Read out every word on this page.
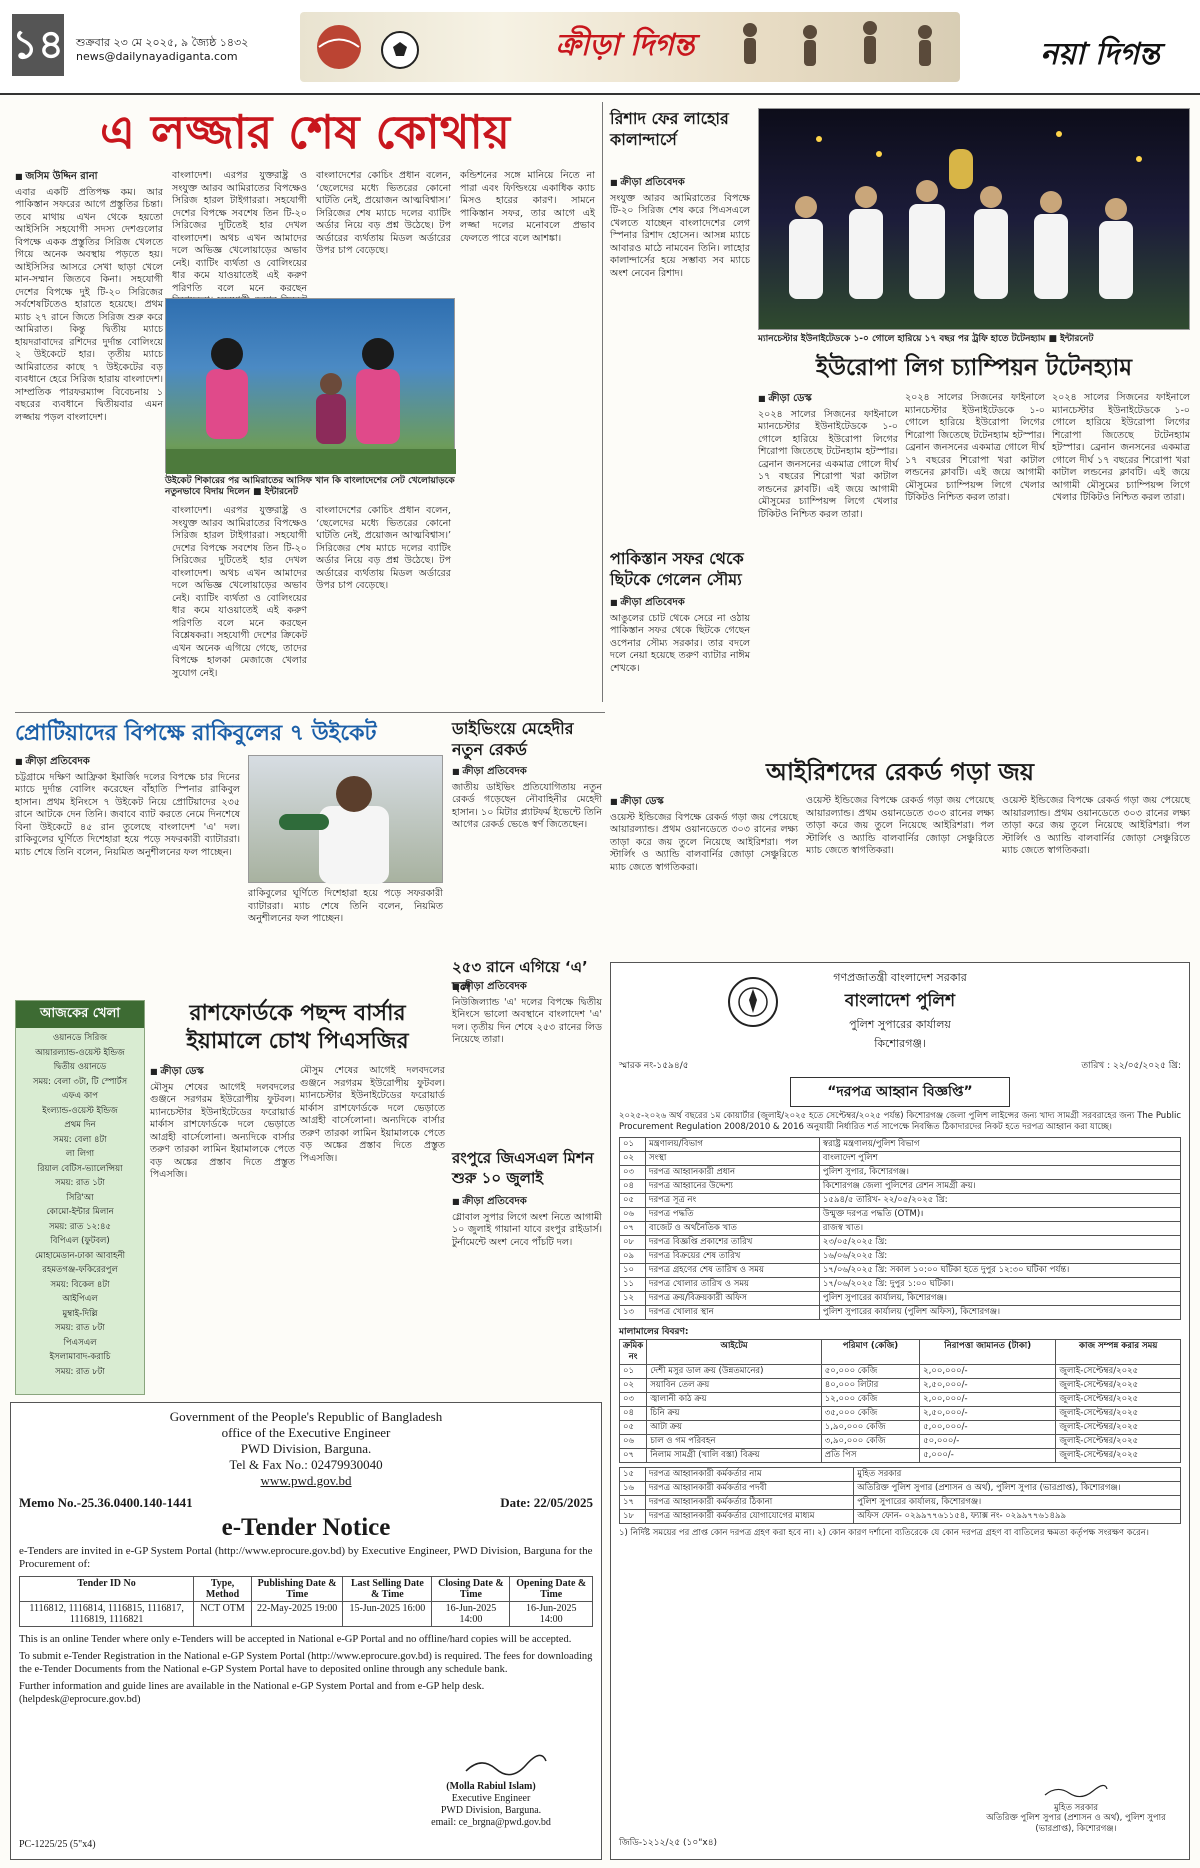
১৪ শুক্রবার ২৩ মে ২০২৫, ৯ জ্যৈষ্ঠ ১৪৩২
news@dailynayadiganta.com	ক্রীড়া দিগন্ত	নয়া দিগন্ত
এ লজ্জার শেষ কোথায়
■ জসিম উদ্দিন রানা
এবার একটি প্রতিপক্ষ কম। আর পাকিস্তান সফরের আগে প্রস্তুতির চিন্তা। তবে মাথায় এখন থেকে হয়তো আইসিসি সহযোগী সদস্য দেশগুলোর বিপক্ষে একক প্রস্তুতির সিরিজ খেলতে গিয়ে অনেক অবস্থায় পড়তে হয়। আইসিসির আসরে সেখা ছাড়া খেলে মান-সম্মান জিতবে কিনা। সহযোগী দেশের বিপক্ষে দুই টি-২০ সিরিজের সর্বশেষটিতেও হারাতে হয়েছে। প্রথম ম্যাচ ২৭ রানে জিতে সিরিজ শুরু করে আমিরাত। কিন্তু দ্বিতীয় ম্যাচে হায়দরাবাদের রশিদের দুর্দান্ত বোলিংয়ে ২ উইকেটে হার। তৃতীয় ম্যাচে আমিরাতের কাছে ৭ উইকেটের বড় ব্যবধানে হেরে সিরিজ হারায় বাংলাদেশ। সাম্প্রতিক পারফরম্যান্স বিবেচনায় ১ বছরের ব্যবধানে দ্বিতীয়বার এমন লজ্জায় পড়ল বাংলাদেশ।
বাংলাদেশ। এরপর যুক্তরাষ্ট্র ও সংযুক্ত আরব আমিরাতের বিপক্ষেও সিরিজ হারল টাইগাররা। সহযোগী দেশের বিপক্ষে সবশেষ তিন টি-২০ সিরিজের দুটিতেই হার দেখল বাংলাদেশ। অথচ এখন আমাদের দলে অভিজ্ঞ খেলোয়াড়ের অভাব নেই। ব্যাটিং ব্যর্থতা ও বোলিংয়ের ধার কমে যাওয়াতেই এই করুণ পরিণতি বলে মনে করছেন
বাংলাদেশের কোচিং প্রধান বলেন, ‘ছেলেদের মধ্যে ভিতরের কোনো ঘাটতি নেই, প্রয়োজন আত্মবিশ্বাস।’ সিরিজের শেষ ম্যাচে দলের ব্যাটিং অর্ডার নিয়ে বড় প্রশ্ন উঠেছে। টপ অর্ডারের ব্যর্থতায় মিডল অর্ডারের উপর চাপ বেড়েছে।
কন্ডিশনের সঙ্গে মানিয়ে নিতে না পারা এবং ফিল্ডিংয়ে একাধিক ক্যাচ মিসও হারের কারণ। সামনে পাকিস্তান সফর, তার আগে এই লজ্জা দলের মনোবলে প্রভাব ফেলতে পারে বলে আশঙ্কা।
উইকেট শিকারের পর আমিরাতের আসিফ খান কি বাংলাদেশের সেট খেলোয়াড়কে নতুনভাবে বিদায় দিলেন ■ ইন্টারনেট
বাংলাদেশ। এরপর যুক্তরাষ্ট্র ও সংযুক্ত আরব আমিরাতের বিপক্ষেও সিরিজ হারল টাইগাররা। সহযোগী দেশের বিপক্ষে সবশেষ তিন টি-২০ সিরিজের দুটিতেই হার দেখল বাংলাদেশ। অথচ এখন আমাদের দলে অভিজ্ঞ খেলোয়াড়ের অভাব নেই। ব্যাটিং ব্যর্থতা ও বোলিংয়ের ধার কমে যাওয়াতেই এই করুণ পরিণতি বলে মনে করছেন বিশ্লেষকরা। সহযোগী দেশের ক্রিকেট এখন অনেক এগিয়ে গেছে, তাদের বিপক্ষে হালকা মেজাজে খেলার সুযোগ নেই।
বাংলাদেশের কোচিং প্রধান বলেন, ‘ছেলেদের মধ্যে ভিতরের কোনো ঘাটতি নেই, প্রয়োজন আত্মবিশ্বাস।’ সিরিজের শেষ ম্যাচে দলের ব্যাটিং অর্ডার নিয়ে বড় প্রশ্ন উঠেছে। টপ অর্ডারের ব্যর্থতায় মিডল অর্ডারের উপর চাপ বেড়েছে।
রিশাদ ফের লাহোর কালান্দার্সে
■ ক্রীড়া প্রতিবেদক
সংযুক্ত আরব আমিরাতের বিপক্ষে টি-২০ সিরিজ শেষ করে পিএসএলে খেলতে যাচ্ছেন বাংলাদেশের লেগ স্পিনার রিশাদ হোসেন। আসন্ন ম্যাচে আবারও মাঠে নামবেন তিনি। লাহোর কালান্দার্সের হয়ে সম্ভাব্য সব ম্যাচে অংশ নেবেন রিশাদ।
পাকিস্তান সফর থেকে ছিটকে গেলেন সৌম্য
■ ক্রীড়া প্রতিবেদক
আঙুলের চোট থেকে সেরে না ওঠায় পাকিস্তান সফর থেকে ছিটকে গেছেন ওপেনার সৌম্য সরকার। তার বদলে দলে নেয়া হয়েছে তরুণ ব্যাটার নাঈম শেখকে।
ম্যানচেস্টার ইউনাইটেডকে ১-০ গোলে হারিয়ে ১৭ বছর পর ট্রফি হাতে টটেনহ্যাম ■ ইন্টারনেট
ইউরোপা লিগ চ্যাম্পিয়ন টটেনহ্যাম
■ ক্রীড়া ডেস্ক
২০২৪ সালের সিজনের ফাইনালে ম্যানচেস্টার ইউনাইটেডকে ১-০ গোলে হারিয়ে ইউরোপা লিগের শিরোপা জিতেছে টটেনহ্যাম হটস্পার। ব্রেনান জনসনের একমাত্র গোলে দীর্ঘ ১৭ বছরের শিরোপা খরা কাটাল লন্ডনের ক্লাবটি। এই জয়ে আগামী মৌসুমের চ্যাম্পিয়ন্স লিগে খেলার টিকিটও নিশ্চিত করল তারা।
২০২৪ সালের সিজনের ফাইনালে ম্যানচেস্টার ইউনাইটেডকে ১-০ গোলে হারিয়ে ইউরোপা লিগের শিরোপা জিতেছে টটেনহ্যাম হটস্পার। ব্রেনান জনসনের একমাত্র গোলে দীর্ঘ ১৭ বছরের শিরোপা খরা কাটাল লন্ডনের ক্লাবটি। এই জয়ে আগামী মৌসুমের চ্যাম্পিয়ন্স লিগে খেলার টিকিটও নিশ্চিত করল তারা।
২০২৪ সালের সিজনের ফাইনালে ম্যানচেস্টার ইউনাইটেডকে ১-০ গোলে হারিয়ে ইউরোপা লিগের শিরোপা জিতেছে টটেনহ্যাম হটস্পার। ব্রেনান জনসনের একমাত্র গোলে দীর্ঘ ১৭ বছরের শিরোপা খরা কাটাল লন্ডনের ক্লাবটি। এই জয়ে আগামী মৌসুমের চ্যাম্পিয়ন্স লিগে খেলার টিকিটও নিশ্চিত করল তারা।
প্রোটিয়াদের বিপক্ষে রাকিবুলের ৭ উইকেট
■ ক্রীড়া প্রতিবেদক
চট্টগ্রামে দক্ষিণ আফ্রিকা ইমার্জিং দলের বিপক্ষে চার দিনের ম্যাচে দুর্দান্ত বোলিং করেছেন বাঁহাতি স্পিনার রাকিবুল হাসান। প্রথম ইনিংসে ৭ উইকেট নিয়ে প্রোটিয়াদের ২৩৫ রানে আটকে দেন তিনি। জবাবে ব্যাট করতে নেমে দিনশেষে বিনা উইকেটে ৪৫ রান তুলেছে বাংলাদেশ 'এ' দল। রাকিবুলের ঘূর্ণিতে দিশেহারা হয়ে পড়ে সফরকারী ব্যাটাররা। ম্যাচ শেষে তিনি বলেন, নিয়মিত অনুশীলনের ফল পাচ্ছেন।
রাকিবুলের ঘূর্ণিতে দিশেহারা হয়ে পড়ে সফরকারী ব্যাটাররা। ম্যাচ শেষে তিনি বলেন, নিয়মিত অনুশীলনের ফল পাচ্ছেন।
ডাইভিংয়ে মেহেদীর নতুন রেকর্ড
■ ক্রীড়া প্রতিবেদক
জাতীয় ডাইভিং প্রতিযোগিতায় নতুন রেকর্ড গড়েছেন নৌবাহিনীর মেহেদী হাসান। ১০ মিটার প্ল্যাটফর্ম ইভেন্টে তিনি আগের রেকর্ড ভেঙে স্বর্ণ জিতেছেন।
২৫৩ রানে এগিয়ে ‘এ’ দল
■ ক্রীড়া প্রতিবেদক
নিউজিল্যান্ড 'এ' দলের বিপক্ষে দ্বিতীয় ইনিংসে ভালো অবস্থানে বাংলাদেশ 'এ' দল। তৃতীয় দিন শেষে ২৫৩ রানের লিড নিয়েছে তারা।
রংপুরে জিএসএল মিশন শুরু ১০ জুলাই
■ ক্রীড়া প্রতিবেদক
গ্লোবাল সুপার লিগে অংশ নিতে আগামী ১০ জুলাই গায়ানা যাবে রংপুর রাইডার্স। টুর্নামেন্টে অংশ নেবে পাঁচটি দল।
আজকের খেলা
ওয়ানডে সিরিজ
আয়ারল্যান্ড-ওয়েস্ট ইন্ডিজ
দ্বিতীয় ওয়ানডে
সময়: বেলা ৩টা, টি স্পোর্টস
এফএ কাপ
ইংল্যান্ড-ওয়েস্ট ইন্ডিজ
প্রথম দিন
সময়: বেলা ৪টা
লা লিগা
রিয়াল বেটিস-ভ্যালেন্সিয়া
সময়: রাত ১টা
সিরি'আ
কোমো-ইন্টার মিলান
সময়: রাত ১২:৪৫
বিপিএল (ফুটবল)
মোহামেডান-ঢাকা আবাহনী
রহমতগঞ্জ-ফকিরেরপুল
সময়: বিকেল ৪টা
আইপিএল
মুম্বাই-দিল্লি
সময়: রাত ৮টা
পিএসএল
ইসলামাবাদ-করাচি
সময়: রাত ৮টা
রাশফোর্ডকে পছন্দ বার্সার ইয়ামালে চোখ পিএসজির
■ ক্রীড়া ডেস্ক
মৌসুম শেষের আগেই দলবদলের গুঞ্জনে সরগরম ইউরোপীয় ফুটবল। ম্যানচেস্টার ইউনাইটেডের ফরোয়ার্ড মার্কাস রাশফোর্ডকে দলে ভেড়াতে আগ্রহী বার্সেলোনা। অন্যদিকে বার্সার তরুণ তারকা লামিন ইয়ামালকে পেতে বড় অঙ্কের প্রস্তাব দিতে প্রস্তুত পিএসজি।
মৌসুম শেষের আগেই দলবদলের গুঞ্জনে সরগরম ইউরোপীয় ফুটবল। ম্যানচেস্টার ইউনাইটেডের ফরোয়ার্ড মার্কাস রাশফোর্ডকে দলে ভেড়াতে আগ্রহী বার্সেলোনা। অন্যদিকে বার্সার তরুণ তারকা লামিন ইয়ামালকে পেতে বড় অঙ্কের প্রস্তাব দিতে প্রস্তুত পিএসজি।
আইরিশদের রেকর্ড গড়া জয়
■ ক্রীড়া ডেস্ক
ওয়েস্ট ইন্ডিজের বিপক্ষে রেকর্ড গড়া জয় পেয়েছে আয়ারল্যান্ড। প্রথম ওয়ানডেতে ৩০৩ রানের লক্ষ্য তাড়া করে জয় তুলে নিয়েছে আইরিশরা। পল স্টার্লিং ও অ্যান্ডি বালবার্নির জোড়া সেঞ্চুরিতে ম্যাচ জেতে স্বাগতিকরা।
ওয়েস্ট ইন্ডিজের বিপক্ষে রেকর্ড গড়া জয় পেয়েছে আয়ারল্যান্ড। প্রথম ওয়ানডেতে ৩০৩ রানের লক্ষ্য তাড়া করে জয় তুলে নিয়েছে আইরিশরা। পল স্টার্লিং ও অ্যান্ডি বালবার্নির জোড়া সেঞ্চুরিতে ম্যাচ জেতে স্বাগতিকরা।
ওয়েস্ট ইন্ডিজের বিপক্ষে রেকর্ড গড়া জয় পেয়েছে আয়ারল্যান্ড। প্রথম ওয়ানডেতে ৩০৩ রানের লক্ষ্য তাড়া করে জয় তুলে নিয়েছে আইরিশরা। পল স্টার্লিং ও অ্যান্ডি বালবার্নির জোড়া সেঞ্চুরিতে ম্যাচ জেতে স্বাগতিকরা।
Government of the People's Republic of Bangladesh
office of the Executive Engineer
PWD Division, Barguna.
Tel & Fax No.: 02479930040
www.pwd.gov.bd
Memo No.-25.36.0400.140-1441	Date: 22/05/2025
e-Tender Notice
e-Tenders are invited in e-GP System Portal (http://www.eprocure.gov.bd) by Executive Engineer, PWD Division, Barguna for the Procurement of:
Tender ID No	Type, Method	Publishing Date & Time	Last Selling Date & Time	Closing Date & Time	Opening Date & Time
1116812, 1116814, 1116815, 1116817, 1116819, 1116821	NCT OTM	22-May-2025 19:00	15-Jun-2025 16:00	16-Jun-2025 14:00	16-Jun-2025 14:00
This is an online Tender where only e-Tenders will be accepted in National e-GP Portal and no offline/hard copies will be accepted.
To submit e-Tender Registration in the National e-GP System Portal (http://www.eprocure.gov.bd) is required. The fees for downloading the e-Tender Documents from the National e-GP System Portal have to deposited online through any schedule bank.
Further information and guide lines are available in the National e-GP System Portal and from e-GP help desk. (helpdesk@eprocure.gov.bd)
(Molla Rabiul Islam)
Executive Engineer
PWD Division, Barguna.
email: ce_brgna@pwd.gov.bd
PC-1225/25 (5"x4)
গণপ্রজাতন্ত্রী বাংলাদেশ সরকার
বাংলাদেশ পুলিশ
পুলিশ সুপারের কার্যালয়
কিশোরগঞ্জ।
স্মারক নং-১৫৯৪/৫	তারিখ : ২২/০৫/২০২৫ খ্রি:
“দরপত্র আহ্বান বিজ্ঞপ্তি”
২০২৫-২০২৬ অর্থ বছরের ১ম কোয়ার্টার (জুলাই/২০২৫ হতে সেপ্টেম্বর/২০২৫ পর্যন্ত) কিশোরগঞ্জ জেলা পুলিশ লাইন্সের জন্য খাদ্য সামগ্রী সরবরাহের জন্য The Public Procurement Regulation 2008/2010 & 2016 অনুযায়ী নির্ধারিত শর্ত সাপেক্ষে নিবন্ধিত ঠিকাদারদের নিকট হতে দরপত্র আহ্বান করা যাচ্ছে।
০১	মন্ত্রণালয়/বিভাগ	স্বরাষ্ট্র মন্ত্রণালয়/পুলিশ বিভাগ
০২	সংস্থা	বাংলাদেশ পুলিশ
০৩	দরপত্র আহ্বানকারী প্রধান	পুলিশ সুপার, কিশোরগঞ্জ।
০৪	দরপত্র আহ্বানের উদ্দেশ্য	কিশোরগঞ্জ জেলা পুলিশের রেশন সামগ্রী ক্রয়।
০৫	দরপত্র সূত্র নং	১৫৯৪/৫ তারিখ- ২২/০৫/২০২৫ খ্রি:
০৬	দরপত্র পদ্ধতি	উন্মুক্ত দরপত্র পদ্ধতি (OTM)।
০৭	বাজেট ও অর্থনৈতিক খাত	রাজস্ব খাত।
০৮	দরপত্র বিজ্ঞপ্তি প্রকাশের তারিখ	২৩/০৫/২০২৫ খ্রি:
০৯	দরপত্র বিক্রয়ের শেষ তারিখ	১৬/০৬/২০২৫ খ্রি:
১০	দরপত্র গ্রহণের শেষ তারিখ ও সময়	১৭/০৬/২০২৫ খ্রি: সকাল ১০:০০ ঘটিকা হতে দুপুর ১২:৩০ ঘটিকা পর্যন্ত।
১১	দরপত্র খোলার তারিখ ও সময়	১৭/০৬/২০২৫ খ্রি: দুপুর ১:০০ ঘটিকা।
১২	দরপত্র ক্রয়/বিক্রয়কারী অফিস	পুলিশ সুপারের কার্যালয়, কিশোরগঞ্জ।
১৩	দরপত্র খোলার স্থান	পুলিশ সুপারের কার্যালয় (পুলিশ অফিস), কিশোরগঞ্জ।
মালামালের বিবরণ:
ক্রমিক নং	আইটেম	পরিমাণ (কেজি)	নিরাপত্তা জামানত (টাকা)	কাজ সম্পন্ন করার সময়
০১	দেশী মসুর ডাল ক্রয় (উন্নতমানের)	৫০,০০০ কেজি	২,০০,০০০/-	জুলাই-সেপ্টেম্বর/২০২৫
০২	সয়াবিন তেল ক্রয়	৪০,০০০ লিটার	২,৫০,০০০/-	জুলাই-সেপ্টেম্বর/২০২৫
০৩	জ্বালানী কাঠ ক্রয়	১২,০০০ কেজি	২,০০,০০০/-	জুলাই-সেপ্টেম্বর/২০২৫
০৪	চিনি ক্রয়	৩৫,০০০ কেজি	২,৫০,০০০/-	জুলাই-সেপ্টেম্বর/২০২৫
০৫	আটা ক্রয়	১,৯০,০০০ কেজি	৫,০০,০০০/-	জুলাই-সেপ্টেম্বর/২০২৫
০৬	চাল ও গম পরিবহন	৩,৯০,০০০ কেজি	৫০,০০০/-	জুলাই-সেপ্টেম্বর/২০২৫
০৭	নিলাম সামগ্রী (খালি বস্তা) বিক্রয়	প্রতি পিস	৫,০০০/-	জুলাই-সেপ্টেম্বর/২০২৫
১৫	দরপত্র আহ্বানকারী কর্মকর্তার নাম	মুহিত সরকার
১৬	দরপত্র আহ্বানকারী কর্মকর্তার পদবী	অতিরিক্ত পুলিশ সুপার (প্রশাসন ও অর্থ), পুলিশ সুপার (ভারপ্রাপ্ত), কিশোরগঞ্জ।
১৭	দরপত্র আহ্বানকারী কর্মকর্তার ঠিকানা	পুলিশ সুপারের কার্যালয়, কিশোরগঞ্জ।
১৮	দরপত্র আহ্বানকারী কর্মকর্তার যোগাযোগের মাধ্যম	অফিস ফোন- ০২৯৯৭৭৬১১৫৪, ফ্যাক্স নং- ০২৯৯৭৭৬১৪৯৯
১) নির্দিষ্ট সময়ের পর প্রাপ্ত কোন দরপত্র গ্রহণ করা হবে না। ২) কোন কারণ দর্শানো ব্যতিরেকে যে কোন দরপত্র গ্রহণ বা বাতিলের ক্ষমতা কর্তৃপক্ষ সংরক্ষণ করেন।
মুহিত সরকার
অতিরিক্ত পুলিশ সুপার (প্রশাসন ও অর্থ), পুলিশ সুপার (ভারপ্রাপ্ত), কিশোরগঞ্জ।
জিডি-১২১২/২৫ (১০"x৪)
